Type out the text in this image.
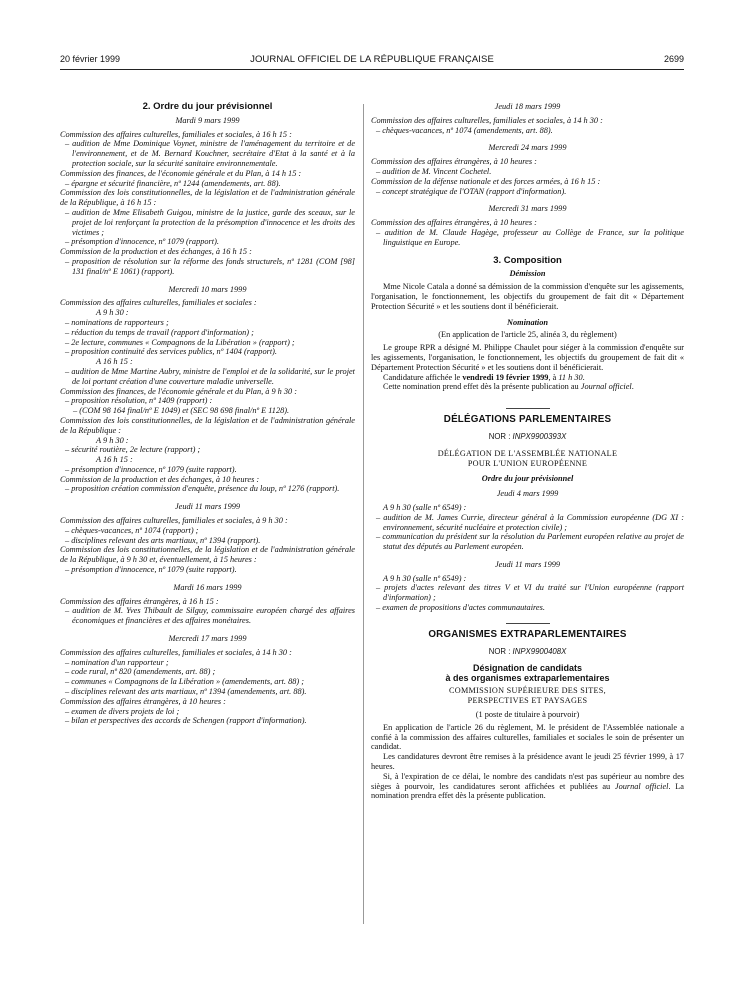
20 février 1999	JOURNAL OFFICIEL DE LA RÉPUBLIQUE FRANÇAISE	2699
2. Ordre du jour prévisionnel
Mardi 9 mars 1999
Commission des affaires culturelles, familiales et sociales, à 16 h 15 :
– audition de Mme Dominique Voynet, ministre de l'aménagement du territoire et de l'environnement, et de M. Bernard Kouchner, secrétaire d'Etat à la santé et à la protection sociale, sur la sécurité sanitaire environnementale.
Commission des finances, de l'économie générale et du Plan, à 14 h 15 :
– épargne et sécurité financière, nº 1244 (amendements, art. 88).
Commission des lois constitutionnelles, de la législation et de l'administration générale de la République, à 16 h 15 :
– audition de Mme Elisabeth Guigou, ministre de la justice, garde des sceaux, sur le projet de loi renforçant la protection de la présomption d'innocence et les droits des victimes ;
– présomption d'innocence, nº 1079 (rapport).
Commission de la production et des échanges, à 16 h 15 :
– proposition de résolution sur la réforme des fonds structurels, nº 1281 (COM [98] 131 final/nº E 1061) (rapport).
Mercredi 10 mars 1999
Commission des affaires culturelles, familiales et sociales :
A 9 h 30 :
– nominations de rapporteurs ;
– réduction du temps de travail (rapport d'information) ;
– 2e lecture, communes « Compagnons de la Libération » (rapport) ;
– proposition continuité des services publics, nº 1404 (rapport).
A 16 h 15 :
– audition de Mme Martine Aubry, ministre de l'emploi et de la solidarité, sur le projet de loi portant création d'une couverture maladie universelle.
Commission des finances, de l'économie générale et du Plan, à 9 h 30 :
– proposition résolution, nº 1409 (rapport) :
– (COM 98 164 final/nº E 1049) et (SEC 98 698 final/nº E 1128).
Commission des lois constitutionnelles, de la législation et de l'administration générale de la République :
A 9 h 30 :
– sécurité routière, 2e lecture (rapport) ;
A 16 h 15 :
– présomption d'innocence, nº 1079 (suite rapport).
Commission de la production et des échanges, à 10 heures :
– proposition création commission d'enquête, présence du loup, nº 1276 (rapport).
Jeudi 11 mars 1999
Commission des affaires culturelles, familiales et sociales, à 9 h 30 :
– chèques-vacances, nº 1074 (rapport) ;
– disciplines relevant des arts martiaux, nº 1394 (rapport).
Commission des lois constitutionnelles, de la législation et de l'administration générale de la République, à 9 h 30 et, éventuellement, à 15 heures :
– présomption d'innocence, nº 1079 (suite rapport).
Mardi 16 mars 1999
Commission des affaires étrangères, à 16 h 15 :
– audition de M. Yves Thibault de Silguy, commissaire européen chargé des affaires économiques et financières et des affaires monétaires.
Mercredi 17 mars 1999
Commission des affaires culturelles, familiales et sociales, à 14 h 30 :
– nomination d'un rapporteur ;
– code rural, nº 820 (amendements, art. 88) ;
– communes « Compagnons de la Libération » (amendements, art. 88) ;
– disciplines relevant des arts martiaux, nº 1394 (amendements, art. 88).
Commission des affaires étrangères, à 10 heures :
– examen de divers projets de loi ;
– bilan et perspectives des accords de Schengen (rapport d'information).
Jeudi 18 mars 1999
Commission des affaires culturelles, familiales et sociales, à 14 h 30 :
– chèques-vacances, nº 1074 (amendements, art. 88).
Mercredi 24 mars 1999
Commission des affaires étrangères, à 10 heures :
– audition de M. Vincent Cochetel.
Commission de la défense nationale et des forces armées, à 16 h 15 :
– concept stratégique de l'OTAN (rapport d'information).
Mercredi 31 mars 1999
Commission des affaires étrangères, à 10 heures :
– audition de M. Claude Hagège, professeur au Collège de France, sur la politique linguistique en Europe.
3. Composition
Démission
Mme Nicole Catala a donné sa démission de la commission d'enquête sur les agissements, l'organisation, le fonctionnement, les objectifs du groupement de fait dit « Département Protection Sécurité » et les soutiens dont il bénéficierait.
Nomination
(En application de l'article 25, alinéa 3, du règlement)
Le groupe RPR a désigné M. Philippe Chaulet pour siéger à la commission d'enquête sur les agissements, l'organisation, le fonctionnement, les objectifs du groupement de fait dit « Département Protection Sécurité » et les soutiens dont il bénéficierait.
Candidature affichée le vendredi 19 février 1999, à 11 h 30.
Cette nomination prend effet dès la présente publication au Journal officiel.
DÉLÉGATIONS PARLEMENTAIRES
NOR : INPX9900393X
DÉLÉGATION DE L'ASSEMBLÉE NATIONALE
POUR L'UNION EUROPÉENNE
Ordre du jour prévisionnel
Jeudi 4 mars 1999
A 9 h 30 (salle nº 6549) :
– audition de M. James Currie, directeur général à la Commission européenne (DG XI : environnement, sécurité nucléaire et protection civile) ;
– communication du président sur la résolution du Parlement européen relative au projet de statut des députés au Parlement européen.
Jeudi 11 mars 1999
A 9 h 30 (salle nº 6549) :
– projets d'actes relevant des titres V et VI du traité sur l'Union européenne (rapport d'information) ;
– examen de propositions d'actes communautaires.
ORGANISMES EXTRAPARLEMENTAIRES
NOR : INPX9900408X
Désignation de candidats
à des organismes extraparlementaires
COMMISSION SUPÉRIEURE DES SITES,
PERSPECTIVES ET PAYSAGES
(1 poste de titulaire à pourvoir)
En application de l'article 26 du règlement, M. le président de l'Assemblée nationale a confié à la commission des affaires culturelles, familiales et sociales le soin de présenter un candidat.
Les candidatures devront être remises à la présidence avant le jeudi 25 février 1999, à 17 heures.
Si, à l'expiration de ce délai, le nombre des candidats n'est pas supérieur au nombre des sièges à pourvoir, les candidatures seront affichées et publiées au Journal officiel. La nomination prendra effet dès la présente publication.
